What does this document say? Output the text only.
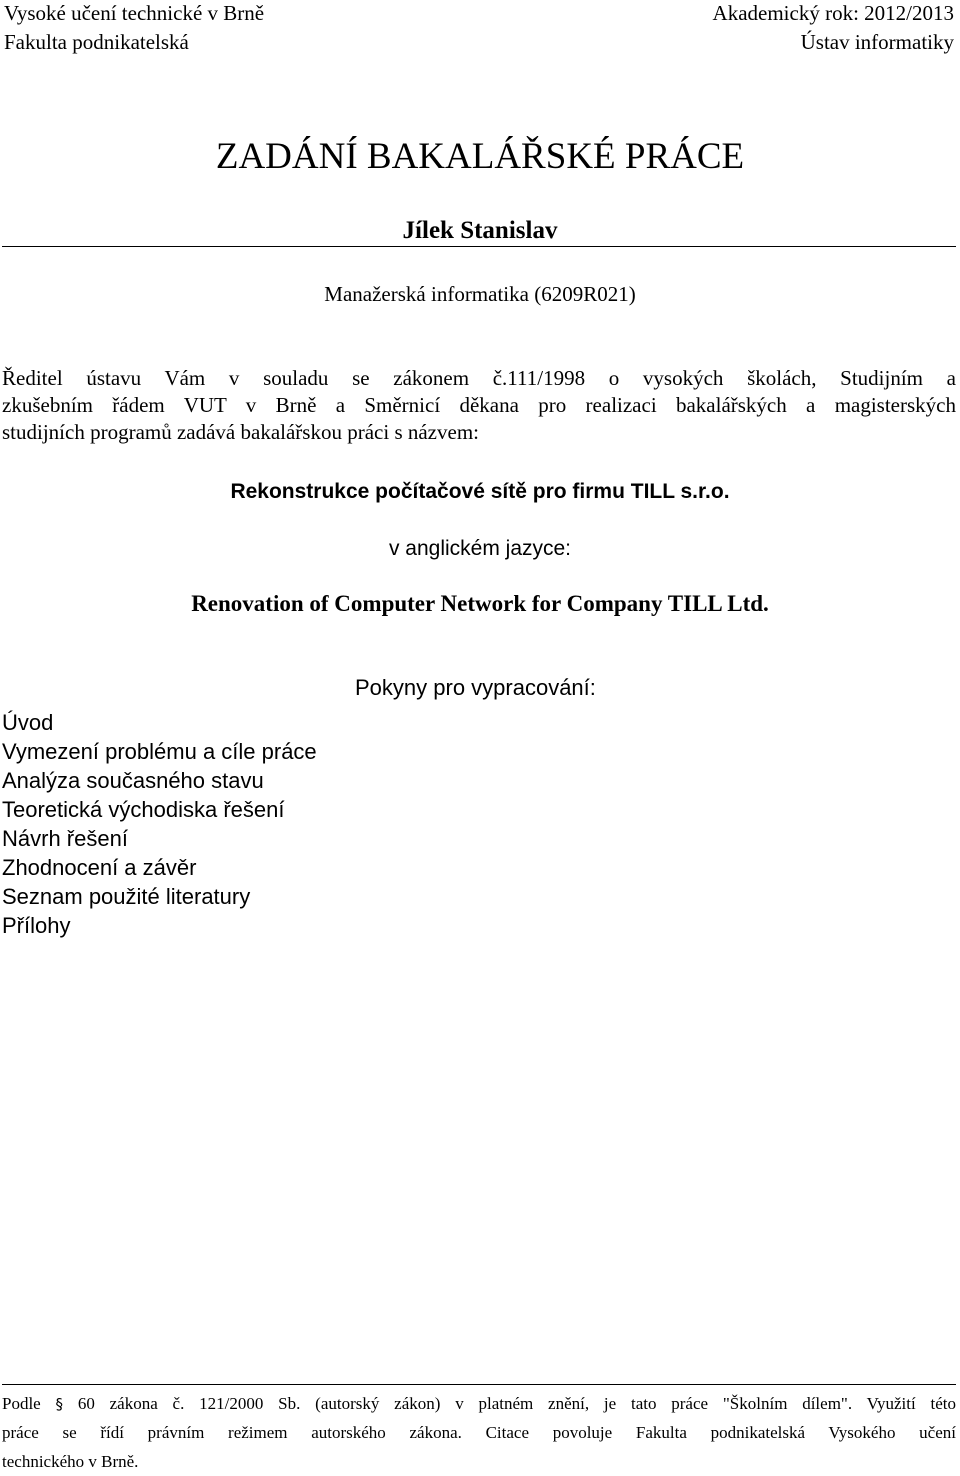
Vysoké učení technické v Brně
Fakulta podnikatelská
Akademický rok: 2012/2013
Ústav informatiky
ZADÁNÍ BAKALÁŘSKÉ PRÁCE
Jílek Stanislav
Manažerská informatika (6209R021)
Ředitel ústavu Vám v souladu se zákonem č.111/1998 o vysokých školách, Studijním a
zkušebním řádem VUT v Brně a Směrnicí děkana pro realizaci bakalářských a magisterských
studijních programů zadává bakalářskou práci s názvem:
Rekonstrukce počítačové sítě pro firmu TILL s.r.o.
v anglickém jazyce:
Renovation of Computer Network for Company TILL Ltd.
Pokyny pro vypracování:
Úvod
Vymezení problému a cíle práce
Analýza současného stavu
Teoretická východiska řešení
Návrh řešení
Zhodnocení a závěr
Seznam použité literatury
Přílohy
Podle § 60 zákona č. 121/2000 Sb. (autorský zákon) v platném znění, je tato práce "Školním dílem". Využití této
práce se řídí právním režimem autorského zákona. Citace povoluje Fakulta podnikatelská Vysokého učení
technického v Brně.
